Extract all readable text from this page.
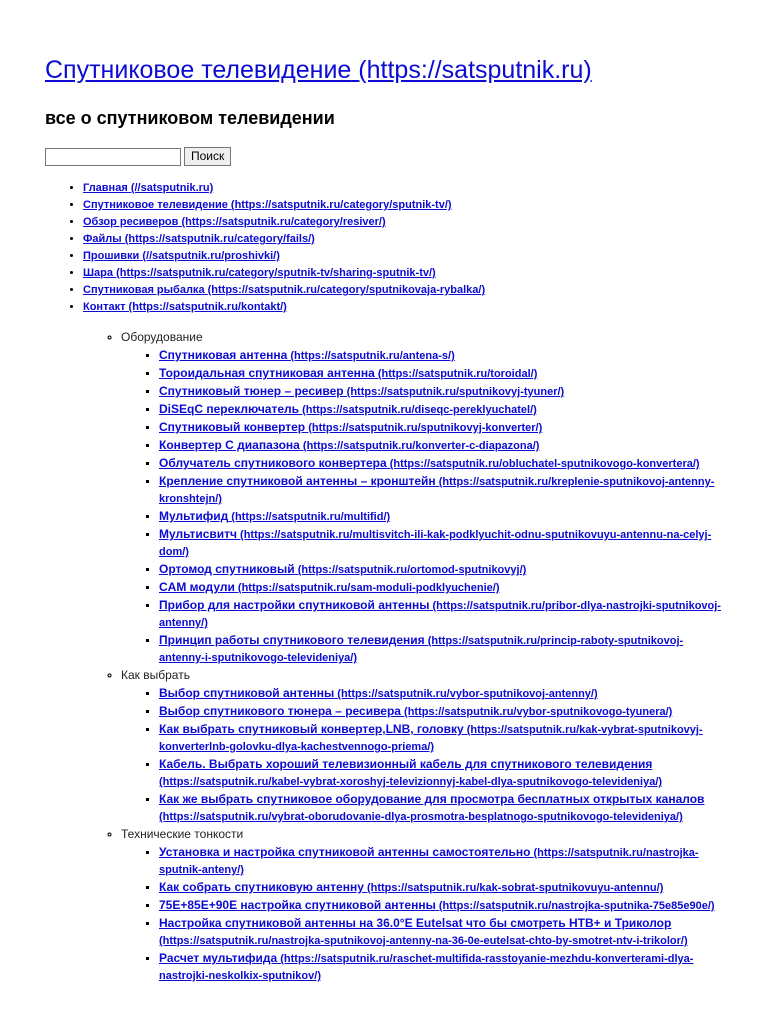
Спутниковое телевидение (https://satsputnik.ru)

все о спутниковом телевидении

Поиск
• Главная (//satsputnik.ru)
• Спутниковое телевидение (https://satsputnik.ru/category/sputnik-tv/)
• Обзор ресиверов (https://satsputnik.ru/category/resiver/)
• Файлы (https://satsputnik.ru/category/fails/)
• Прошивки (//satsputnik.ru/proshivki/)
• Шара (https://satsputnik.ru/category/sputnik-tv/sharing-sputnik-tv/)
• Спутниковая рыбалка (https://satsputnik.ru/category/sputnikovaja-rybalka/)
• Контакт (https://satsputnik.ru/kontakt/)
◦ Оборудование
▪ Спутниковая антенна (https://satsputnik.ru/antena-s/)
▪ Тороидальная спутниковая антенна (https://satsputnik.ru/toroidal/)
▪ Спутниковый тюнер – ресивер (https://satsputnik.ru/sputnikovyj-tyuner/)
▪ DiSEqC переключатель (https://satsputnik.ru/diseqc-pereklyuchatel/)
▪ Спутниковый конвертер (https://satsputnik.ru/sputnikovyj-konverter/)
▪ Конвертер С диапазона (https://satsputnik.ru/konverter-c-diapazona/)
▪ Облучатель спутникового конвертера (https://satsputnik.ru/obluchatel-sputnikovogo-konvertera/)
▪ Крепление спутниковой антенны – кронштейн (https://satsputnik.ru/kreplenie-sputnikovoj-antenny-kronshtejn/)
▪ Мультифид (https://satsputnik.ru/multifid/)
▪ Мультисвитч (https://satsputnik.ru/multisvitch-ili-kak-podklyuchit-odnu-sputnikovuyu-antennu-na-celyj-dom/)
▪ Ортомод спутниковый (https://satsputnik.ru/ortomod-sputnikovyj/)
▪ CAM модули (https://satsputnik.ru/sam-moduli-podklyuchenie/)
▪ Прибор для настройки спутниковой антенны (https://satsputnik.ru/pribor-dlya-nastrojki-sputnikovoj-antenny/)
▪ Принцип работы спутникового телевидения (https://satsputnik.ru/princip-raboty-sputnikovoj-antenny-i-sputnikovogo-televideniya/)
◦ Как выбрать
▪ Выбор спутниковой антенны (https://satsputnik.ru/vybor-sputnikovoj-antenny/)
▪ Выбор спутникового тюнера – ресивера (https://satsputnik.ru/vybor-sputnikovogo-tyunera/)
▪ Как выбрать спутниковый конвертер,LNB, головку (https://satsputnik.ru/kak-vybrat-sputnikovyj-konverterlnb-golovku-dlya-kachestvennogo-priema/)
▪ Кабель. Выбрать хороший телевизионный кабель для спутникового телевидения (https://satsputnik.ru/kabel-vybrat-xoroshyj-televizionnyj-kabel-dlya-sputnikovogo-televideniya/)
▪ Как же выбрать спутниковое оборудование для просмотра бесплатных открытых каналов (https://satsputnik.ru/vybrat-oborudovanie-dlya-prosmotra-besplatnogo-sputnikovogo-televideniya/)
◦ Технические тонкости
▪ Установка и настройка спутниковой антенны самостоятельно (https://satsputnik.ru/nastrojka-sputnik-anteny/)
▪ Как собрать спутниковую антенну (https://satsputnik.ru/kak-sobrat-sputnikovuyu-antennu/)
▪ 75E+85E+90E настройка спутниковой антенны (https://satsputnik.ru/nastrojka-sputnika-75e85e90e/)
▪ Настройка спутниковой антенны на 36.0°E Eutelsat что бы смотреть НТВ+ и Триколор (https://satsputnik.ru/nastrojka-sputnikovoj-antenny-na-36-0e-eutelsat-chto-by-smotret-ntv-i-trikolor/)
▪ Расчет мультифида (https://satsputnik.ru/raschet-multifida-rasstoyanie-mezhdu-konverterami-dlya-nastrojki-neskolkix-sputnikov/)
